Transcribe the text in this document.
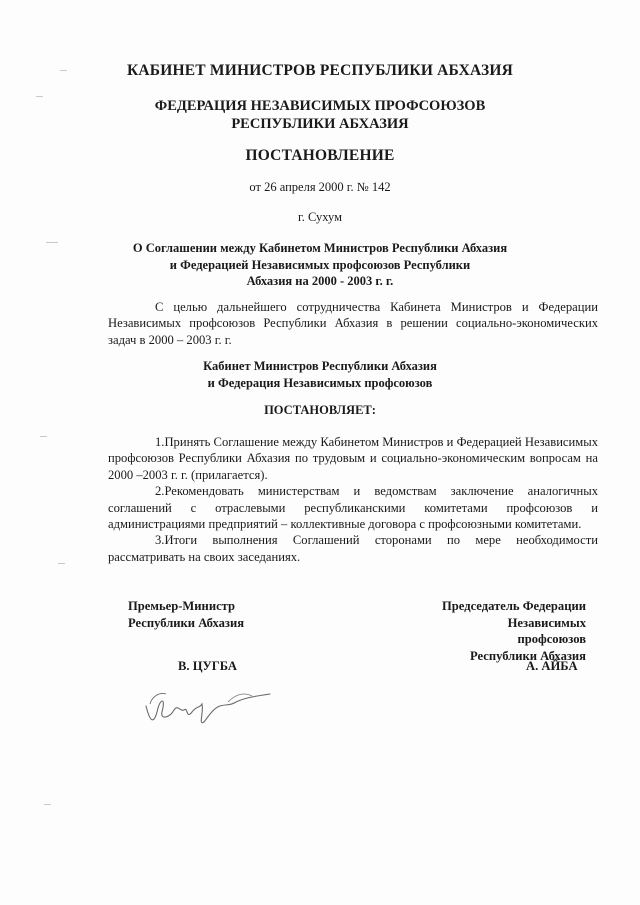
КАБИНЕТ МИНИСТРОВ РЕСПУБЛИКИ АБХАЗИЯ
ФЕДЕРАЦИЯ НЕЗАВИСИМЫХ ПРОФСОЮЗОВ
РЕСПУБЛИКИ АБХАЗИЯ
ПОСТАНОВЛЕНИЕ
от 26 апреля 2000 г. № 142
г. Сухум
О Соглашении между Кабинетом Министров Республики Абхазия
и Федерацией Независимых профсоюзов Республики
Абхазия на 2000 - 2003 г. г.

С целью дальнейшего сотрудничества Кабинета Министров и Федерации Независимых профсоюзов Республики Абхазия в решении социально-экономических задач в 2000 – 2003 г. г.

Кабинет Министров Республики Абхазия
и Федерация Независимых профсоюзов
ПОСТАНОВЛЯЕТ:

1.Принять Соглашение между Кабинетом Министров и Федерацией Независимых профсоюзов Республики Абхазия по трудовым и социально-экономическим вопросам на 2000 –2003 г. г. (прилагается).

2.Рекомендовать министерствам и ведомствам заключение аналогичных соглашений с отраслевыми республиканскими комитетами профсоюзов и администрациями предприятий – коллективные договора с профсоюзными комитетами.

3.Итоги выполнения Соглашений сторонами по мере необходимости рассматривать на своих заседаниях.

Премьер-Министр
Республики Абхазия
В. ЦУГБА
Председатель Федерации
Независимых профсоюзов
Республики Абхазия
А. АЙБА
